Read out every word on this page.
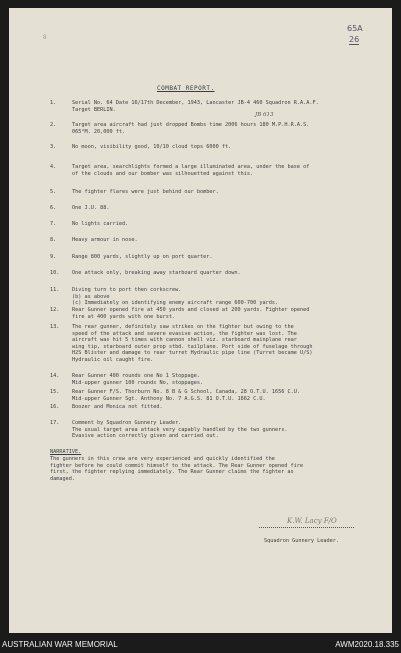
8
65A
26
COMBAT REPORT.
JB 613
1.	Serial No. 64 Date 16/17th December, 1943, Lancaster JB-4 460 Squadron R.A.A.F.
Target BERLIN.
2.	Target area aircraft had just dropped Bombs time 2006 hours 180 M.P.H.R.A.S.
065°M. 20,000 ft.
3.	No moon, visibility good, 10/10 cloud tops 6000 ft.
4.	Target area, searchlights formed a large illuminated area, under the base of
of the clouds and our bomber was silhouetted against this.
5.	The fighter flares were just behind our bomber.
6.	One J.U. 88.
7.	No lights carried.
8.	Heavy armour in nose.
9.	Range 800 yards, slightly up on port quarter.
10. One attack only, breaking away starboard quarter down.
11. Diving turn to port then corkscrew.
(b) as above
(c) Immediately on identifying enemy aircraft range 600-700 yards.
12. Rear Gunner opened fire at 450 yards and closed at 200 yards. Fighter opened
fire at 400 yards with one burst.
13. The rear gunner, definitely saw strikes on the fighter but owing to the
speed of the attack and severe evasive action, the fighter was lost. The
aircraft was hit 5 times with cannon shell viz. starboard mainplane rear
wing tip, starboard outer prop stbd. tailplane. Port side of fuselage through
H2S Blister and damage to rear turret Hydraulic pipe line (Turret became U/S)
Hydraulic oil caught fire.
14. Rear Gunner 400 rounds one No 1 Stoppage.
Mid-upper gunner 100 rounds No, stoppages.
15. Rear Gunner F/S. Thorburn No. 8 B & G School, Canada, 28 O.T.U. 1656 C.U.
Mid-upper Gunner Sgt. Anthony No. 7 A.G.S. 81 O.T.U. 1662 C.U.
16. Boozer and Monica not fitted.
17. Comment by Squadron Gunnery Leader.
The usual target area attack very capably handled by the two gunners.
Evasive action correctly given and carried out.
NARRATIVE.
The gunners in this crew are very experienced and quickly identified the
fighter before he could commit himself to the attack. The Rear Gunner opened fire
first, the fighter replying immediately. The Rear Gunner claims the fighter as
damaged.
K.W. Lacy F/O
Squadron Gunnery Leader.
AUSTRALIAN WAR MEMORIAL	AWM2020.18.335
